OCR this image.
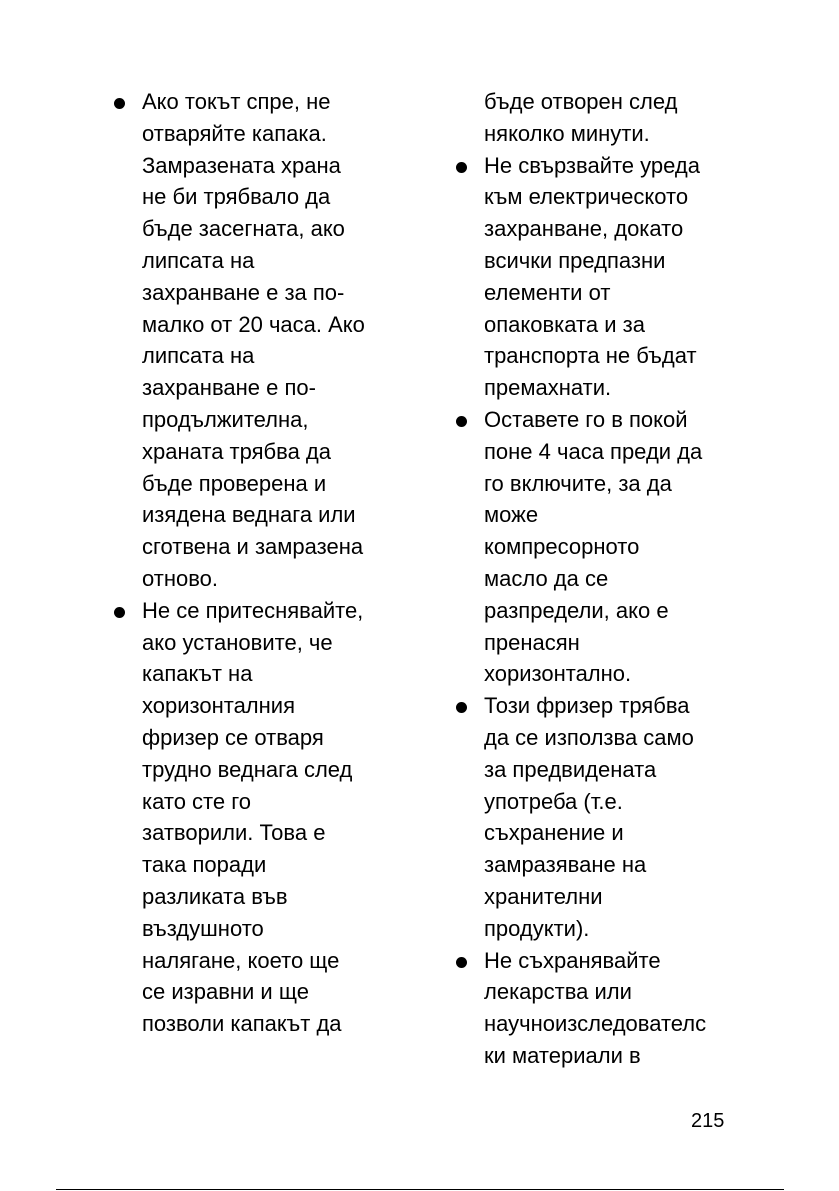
Ако токът спре, не
отваряйте капака.
Замразената храна
не би трябвало да
бъде засегната, ако
липсата на
захранване е за по-
малко от 20 часа. Ако
липсата на
захранване е по-
продължителна,
храната трябва да
бъде проверена и
изядена веднага или
сготвена и замразена
отново.
Не се притеснявайте,
ако установите, че
капакът на
хоризонталния
фризер се отваря
трудно веднага след
като сте го
затворили. Това е
така поради
разликата във
въздушното
налягане, което ще
се изравни и ще
позволи капакът да
бъде отворен след
няколко минути.
Не свързвайте уреда
към електрическото
захранване, докато
всички предпазни
елементи от
опаковката и за
транспорта не бъдат
премахнати.
Оставете го в покой
поне 4 часа преди да
го включите, за да
може
компресорното
масло да се
разпредели, ако е
пренасян
хоризонтално.
Този фризер трябва
да се използва само
за предвидената
употреба (т.е.
съхранение и
замразяване на
хранителни
продукти).
Не съхранявайте
лекарства или
научноизследователс
ки материали в
215
